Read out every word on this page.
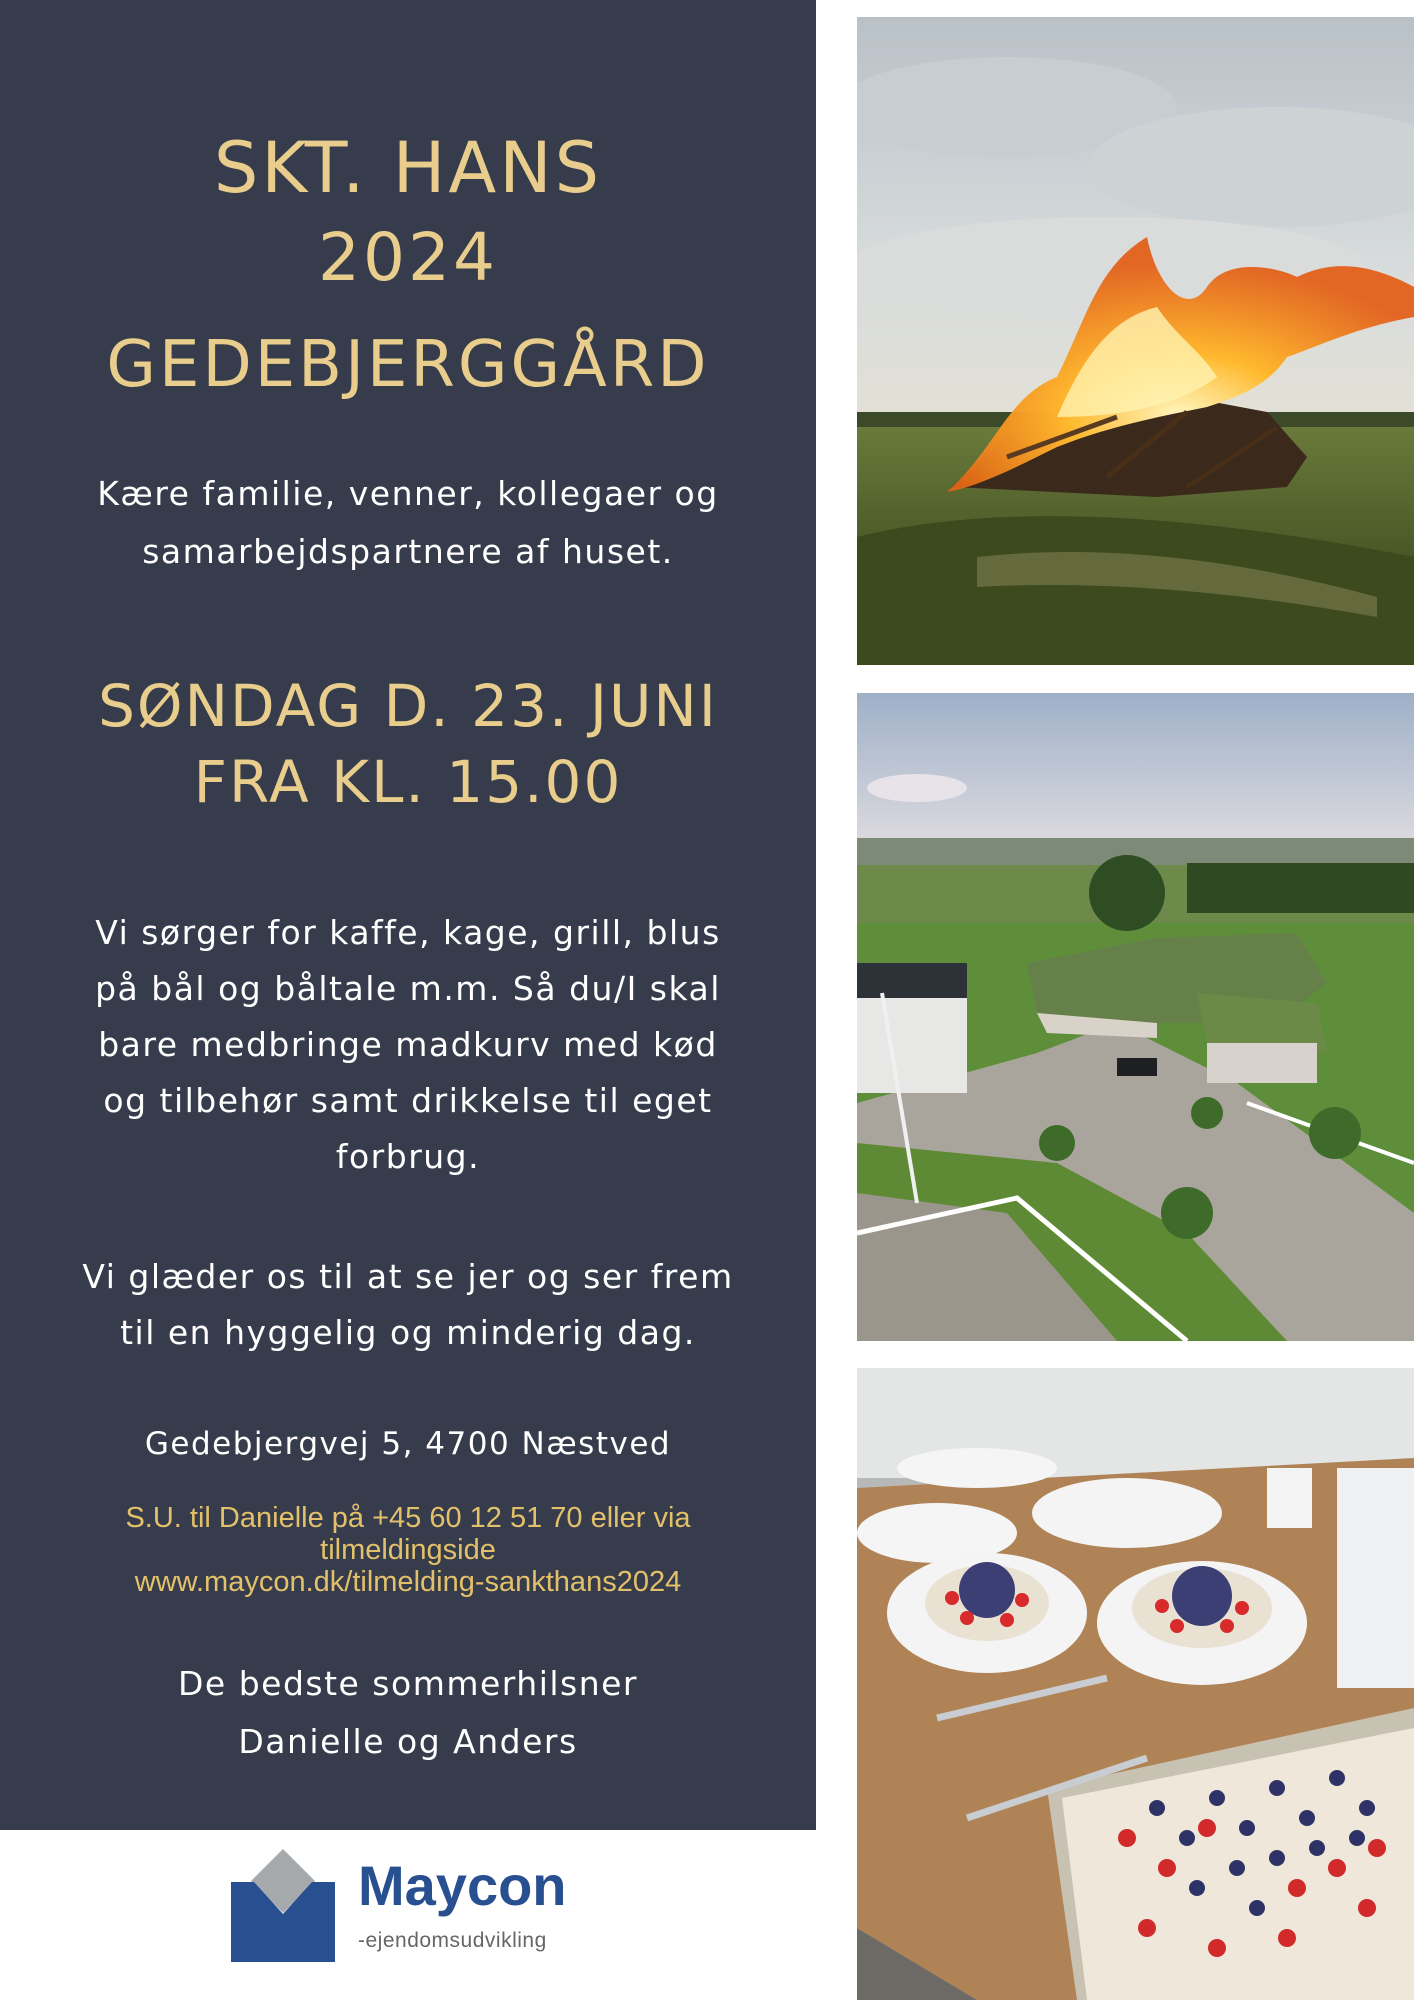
SKT. HANS
2024
GEDEBJERGGÅRD
Kære familie, venner, kollegaer og
samarbejdspartnere af huset.
SØNDAG D. 23. JUNI
FRA KL. 15.00
Vi sørger for kaffe, kage, grill, blus
på bål og båltale m.m. Så du/I skal
bare medbringe madkurv med kød
og tilbehør samt drikkelse til eget
forbrug.
Vi glæder os til at se jer og ser frem
til en hyggelig og minderig dag.
Gedebjergvej 5, 4700 Næstved
S.U. til Danielle på +45 60 12 51 70 eller via
tilmeldingside
www.maycon.dk/tilmelding-sankthans2024
De bedste sommerhilsner
Danielle og Anders
Maycon
-ejendomsudvikling
